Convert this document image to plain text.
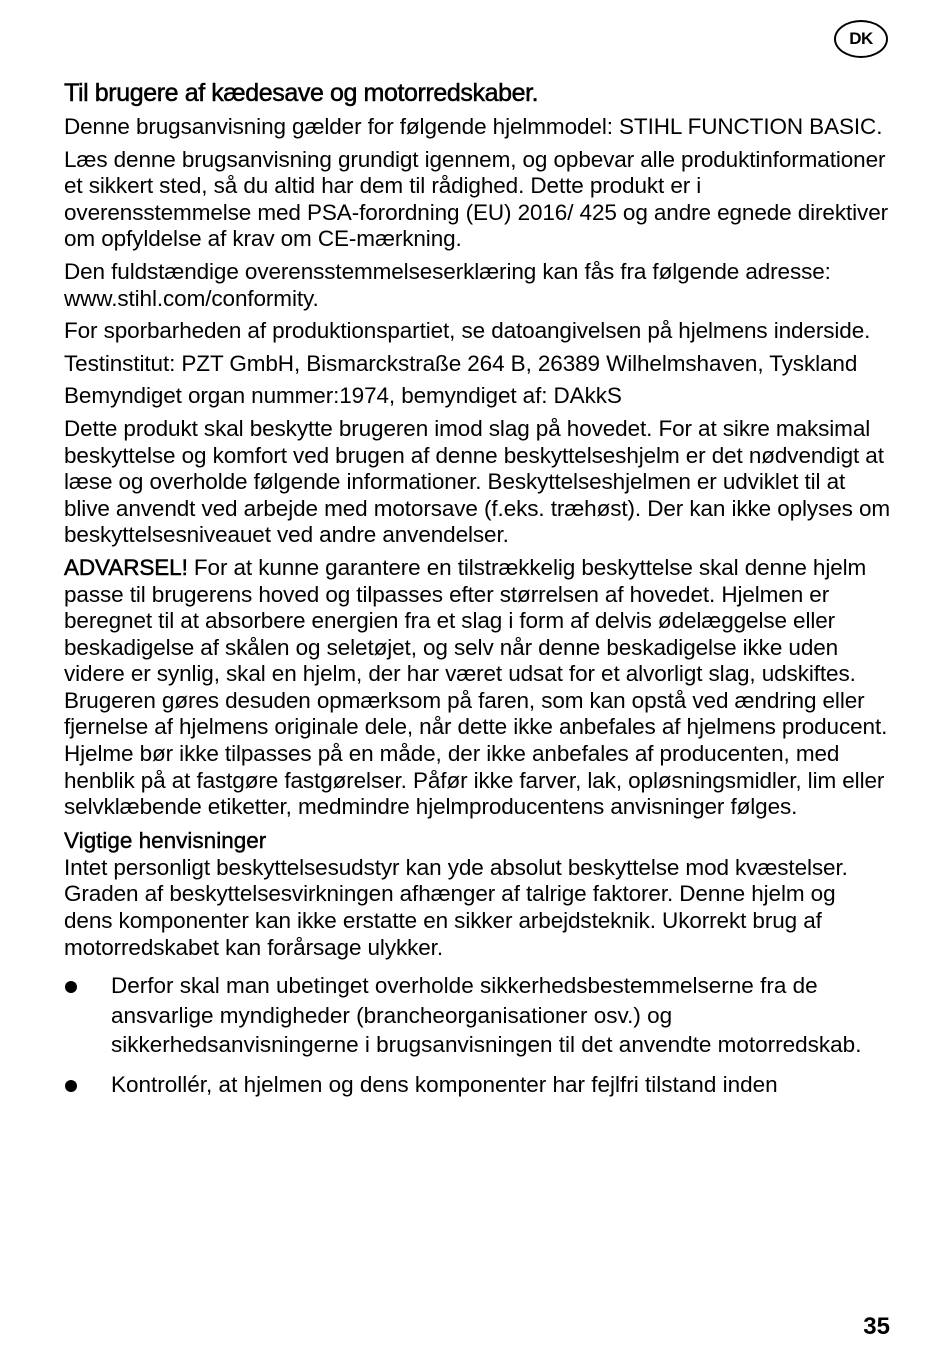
DK
Til brugere af kædesave og motorredskaber.

Denne brugsanvisning gælder for følgende hjelmmodel: STIHL FUNCTION BASIC.

Læs denne brugsanvisning grundigt igennem, og opbevar alle produktinformationer et sikkert sted, så du altid har dem til rådighed. Dette produkt er i overensstemmelse med PSA-forordning (EU) 2016/ 425 og andre egnede direktiver om opfyldelse af krav om CE-mærkning.

Den fuldstændige overensstemmelseserklæring kan fås fra følgende adresse: www.stihl.com/conformity.

For sporbarheden af produktionspartiet, se datoangivelsen på hjelmens inderside.

Testinstitut: PZT GmbH, Bismarckstraße 264 B, 26389 Wilhelmshaven, Tyskland

Bemyndiget organ nummer:1974, bemyndiget af: DAkkS

Dette produkt skal beskytte brugeren imod slag på hovedet. For at sikre maksimal beskyttelse og komfort ved brugen af denne beskyttelseshjelm er det nødvendigt at læse og overholde følgende informationer. Beskyttelseshjelmen er udviklet til at blive anvendt ved arbejde med motorsave (f.eks. træhøst). Der kan ikke oplyses om beskyttelsesniveauet ved andre anvendelser.

ADVARSEL! For at kunne garantere en tilstrækkelig beskyttelse skal denne hjelm passe til brugerens hoved og tilpasses efter størrelsen af hovedet. Hjelmen er beregnet til at absorbere energien fra et slag i form af delvis ødelæggelse eller beskadigelse af skålen og seletøjet, og selv når denne beskadigelse ikke uden videre er synlig, skal en hjelm, der har været udsat for et alvorligt slag, udskiftes. Brugeren gøres desuden opmærksom på faren, som kan opstå ved ændring eller fjernelse af hjelmens originale dele, når dette ikke anbefales af hjelmens producent. Hjelme bør ikke tilpasses på en måde, der ikke anbefales af producenten, med henblik på at fastgøre fastgørelser. Påfør ikke farver, lak, opløsningsmidler, lim eller selvklæbende etiketter, medmindre hjelmproducentens anvisninger følges.

Vigtige henvisninger

Intet personligt beskyttelsesudstyr kan yde absolut beskyttelse mod kvæstelser. Graden af beskyttelsesvirkningen afhænger af talrige faktorer. Denne hjelm og dens komponenter kan ikke erstatte en sikker arbejdsteknik. Ukorrekt brug af motorredskabet kan forårsage ulykker.

Derfor skal man ubetinget overholde sikkerhedsbestemmelserne fra de ansvarlige myndigheder (brancheorganisationer osv.) og sikkerhedsanvisningerne i brugsanvisningen til det anvendte motorredskab.
Kontrollér, at hjelmen og dens komponenter har fejlfri tilstand inden
35
